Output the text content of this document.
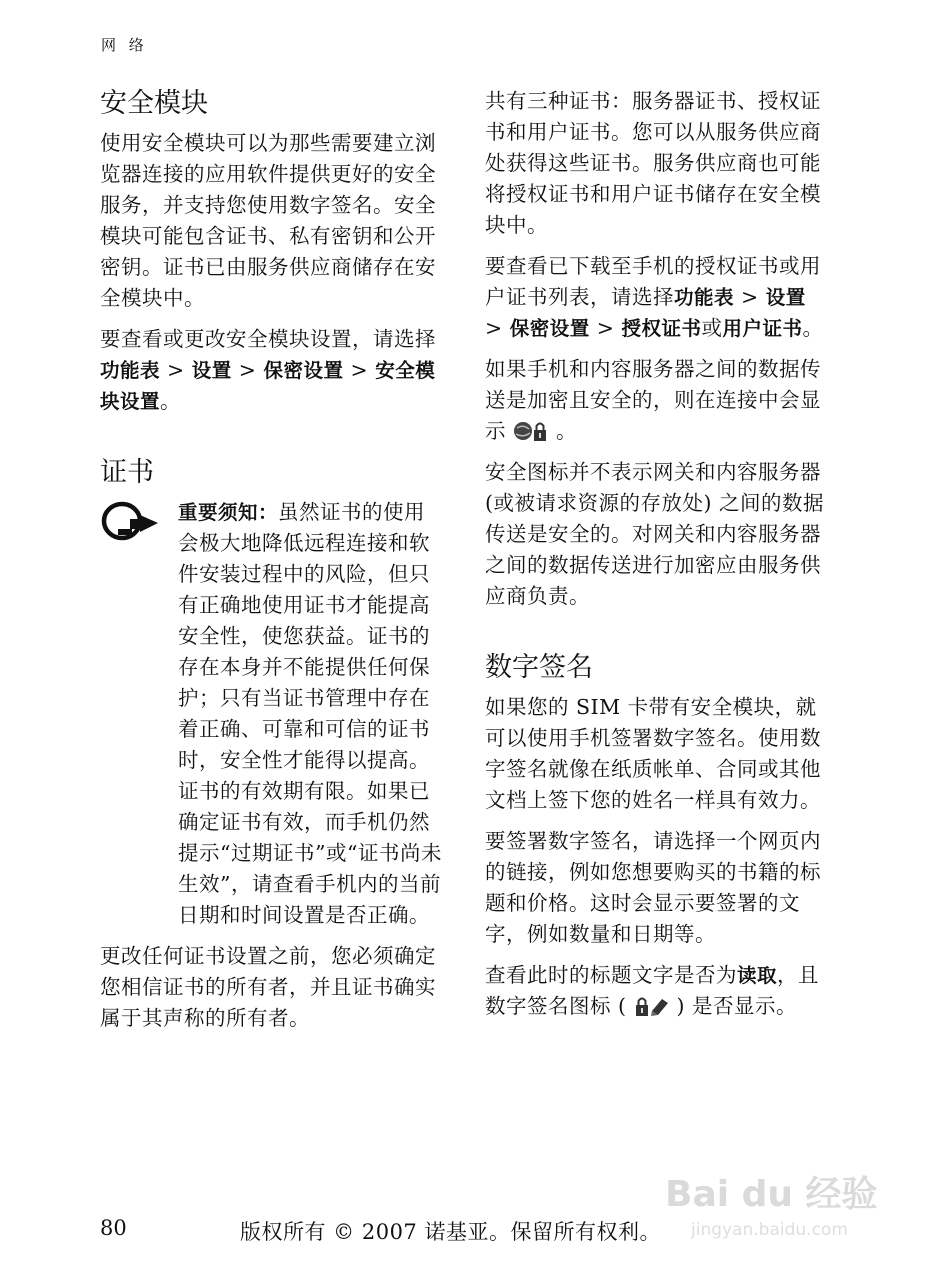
网 络
安全模块

使用安全模块可以为那些需要建立浏览器连接的应用软件提供更好的安全服务，并支持您使用数字签名。安全模块可能包含证书、私有密钥和公开密钥。证书已由服务供应商储存在安全模块中。

要查看或更改安全模块设置，请选择功能表 > 设置 > 保密设置 > 安全模块设置。

证书

重要须知：虽然证书的使用会极大地降低远程连接和软件安装过程中的风险，但只有正确地使用证书才能提高安全性，使您获益。证书的存在本身并不能提供任何保护；只有当证书管理中存在着正确、可靠和可信的证书时，安全性才能得以提高。证书的有效期有限。如果已确定证书有效，而手机仍然提示“过期证书”或“证书尚未生效”，请查看手机内的当前日期和时间设置是否正确。

更改任何证书设置之前，您必须确定您相信证书的所有者，并且证书确实属于其声称的所有者。

共有三种证书：服务器证书、授权证书和用户证书。您可以从服务供应商处获得这些证书。服务供应商也可能将授权证书和用户证书储存在安全模块中。

要查看已下载至手机的授权证书或用户证书列表，请选择功能表 > 设置 > 保密设置 > 授权证书或用户证书。

如果手机和内容服务器之间的数据传送是加密且安全的，则在连接中会显示  。

安全图标并不表示网关和内容服务器 (或被请求资源的存放处) 之间的数据传送是安全的。对网关和内容服务器之间的数据传送进行加密应由服务供应商负责。

数字签名

如果您的 SIM 卡带有安全模块，就可以使用手机签署数字签名。使用数字签名就像在纸质帐单、合同或其他文档上签下您的姓名一样具有效力。

要签署数字签名，请选择一个网页内的链接，例如您想要购买的书籍的标题和价格。这时会显示要签署的文字，例如数量和日期等。

查看此时的标题文字是否为读取，且数字签名图标 (  ) 是否显示。

80	版权所有 © 2007 诺基亚。保留所有权利。
Bai du 经验
jingyan.baidu.com
